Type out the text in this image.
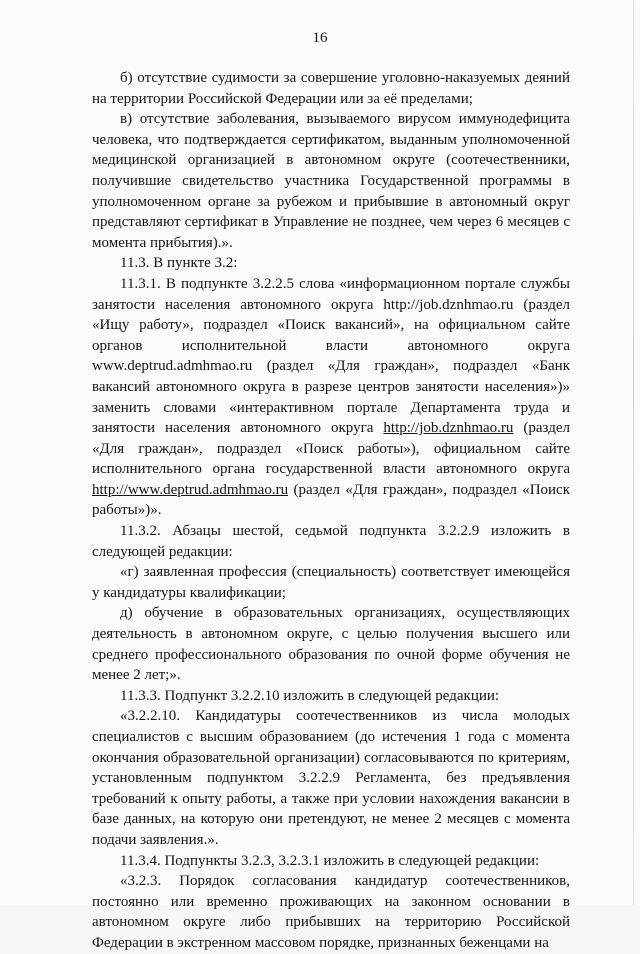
16

б) отсутствие судимости за совершение уголовно-наказуемых деяний на территории Российской Федерации или за её пределами;

в) отсутствие заболевания, вызываемого вирусом иммунодефицита человека, что подтверждается сертификатом, выданным уполномоченной медицинской организацией в автономном округе (соотечественники, получившие свидетельство участника Государственной программы в уполномоченном органе за рубежом и прибывшие в автономный округ представляют сертификат в Управление не позднее, чем через 6 месяцев с момента прибытия).».

11.3. В пункте 3.2:

11.3.1. В подпункте 3.2.2.5 слова «информационном портале службы занятости населения автономного округа http://job.dznhmao.ru (раздел «Ищу работу», подраздел «Поиск вакансий», на официальном сайте органов исполнительной власти автономного округа www.deptrud.admhmao.ru (раздел «Для граждан», подраздел «Банк вакансий автономного округа в разрезе центров занятости населения»)» заменить словами «интерактивном портале Департамента труда и занятости населения автономного округа http://job.dznhmao.ru (раздел «Для граждан», подраздел «Поиск работы»), официальном сайте исполнительного органа государственной власти автономного округа http://www.deptrud.admhmao.ru (раздел «Для граждан», подраздел «Поиск работы»)».

11.3.2. Абзацы шестой, седьмой подпункта 3.2.2.9 изложить в следующей редакции:

«г) заявленная профессия (специальность) соответствует имеющейся у кандидатуры квалификации;

д) обучение в образовательных организациях, осуществляющих деятельность в автономном округе, с целью получения высшего или среднего профессионального образования по очной форме обучения не менее 2 лет;».

11.3.3. Подпункт 3.2.2.10 изложить в следующей редакции:

«3.2.2.10. Кандидатуры соотечественников из числа молодых специалистов с высшим образованием (до истечения 1 года с момента окончания образовательной организации) согласовываются по критериям, установленным подпунктом 3.2.2.9 Регламента, без предъявления требований к опыту работы, а также при условии нахождения вакансии в базе данных, на которую они претендуют, не менее 2 месяцев с момента подачи заявления.».

11.3.4. Подпункты 3.2.3, 3.2.3.1 изложить в следующей редакции:

«3.2.3. Порядок согласования кандидатур соотечественников, постоянно или временно проживающих на законном основании в автономном округе либо прибывших на территорию Российской Федерации в экстренном массовом порядке, признанных беженцами на
